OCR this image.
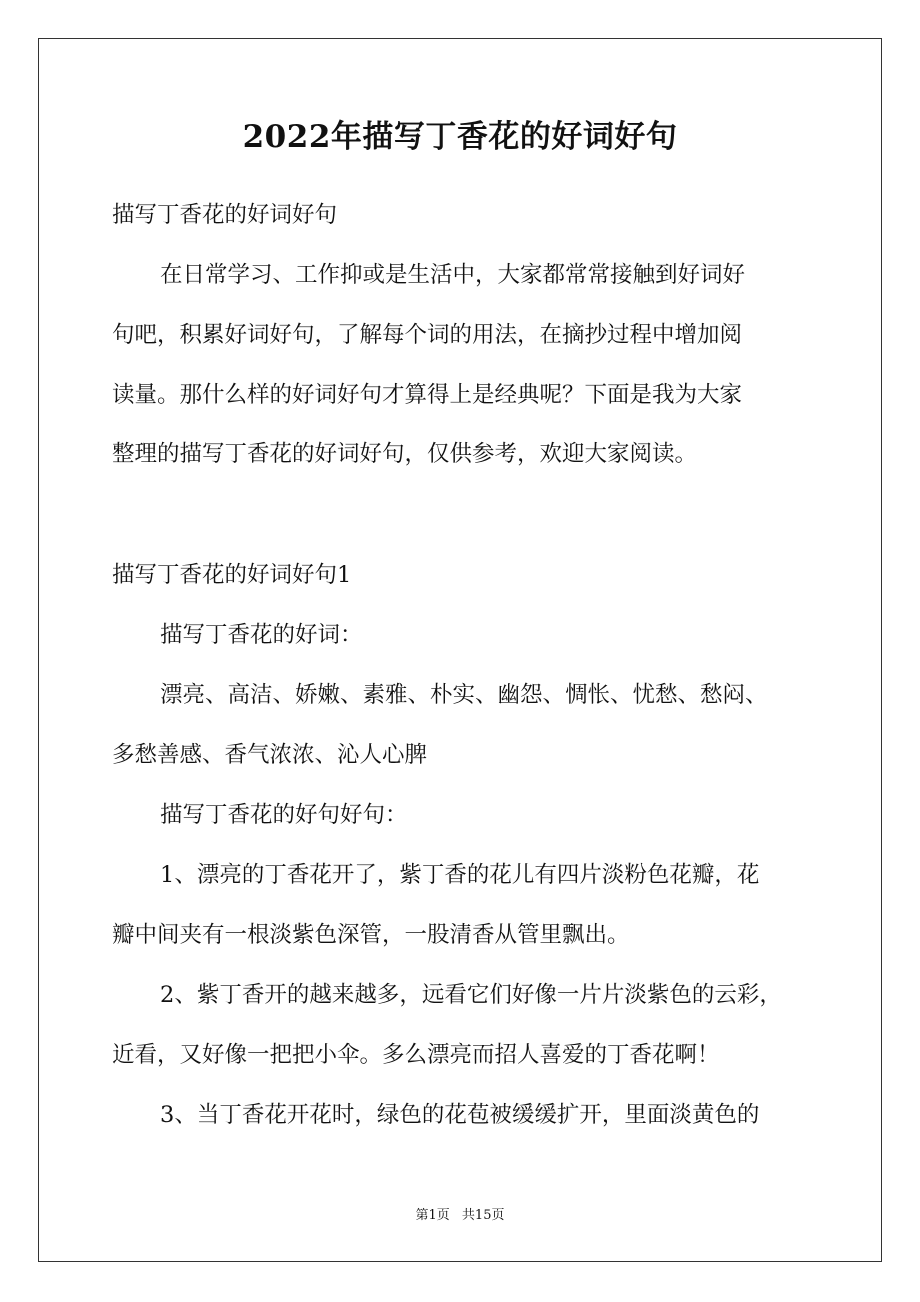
2022年描写丁香花的好词好句

描写丁香花的好词好句

在日常学习、工作抑或是生活中，大家都常常接触到好词好

句吧，积累好词好句，了解每个词的用法，在摘抄过程中增加阅

读量。那什么样的好词好句才算得上是经典呢？下面是我为大家

整理的描写丁香花的好词好句，仅供参考，欢迎大家阅读。

描写丁香花的好词好句1

描写丁香花的好词：

漂亮、高洁、娇嫩、素雅、朴实、幽怨、惆怅、忧愁、愁闷、

多愁善感、香气浓浓、沁人心脾

描写丁香花的好句好句：

1、漂亮的丁香花开了，紫丁香的花儿有四片淡粉色花瓣，花

瓣中间夹有一根淡紫色深管，一股清香从管里飘出。

2、紫丁香开的越来越多，远看它们好像一片片淡紫色的云彩，

近看，又好像一把把小伞。多么漂亮而招人喜爱的丁香花啊！

3、当丁香花开花时，绿色的花苞被缓缓扩开，里面淡黄色的

第1页 共15页
